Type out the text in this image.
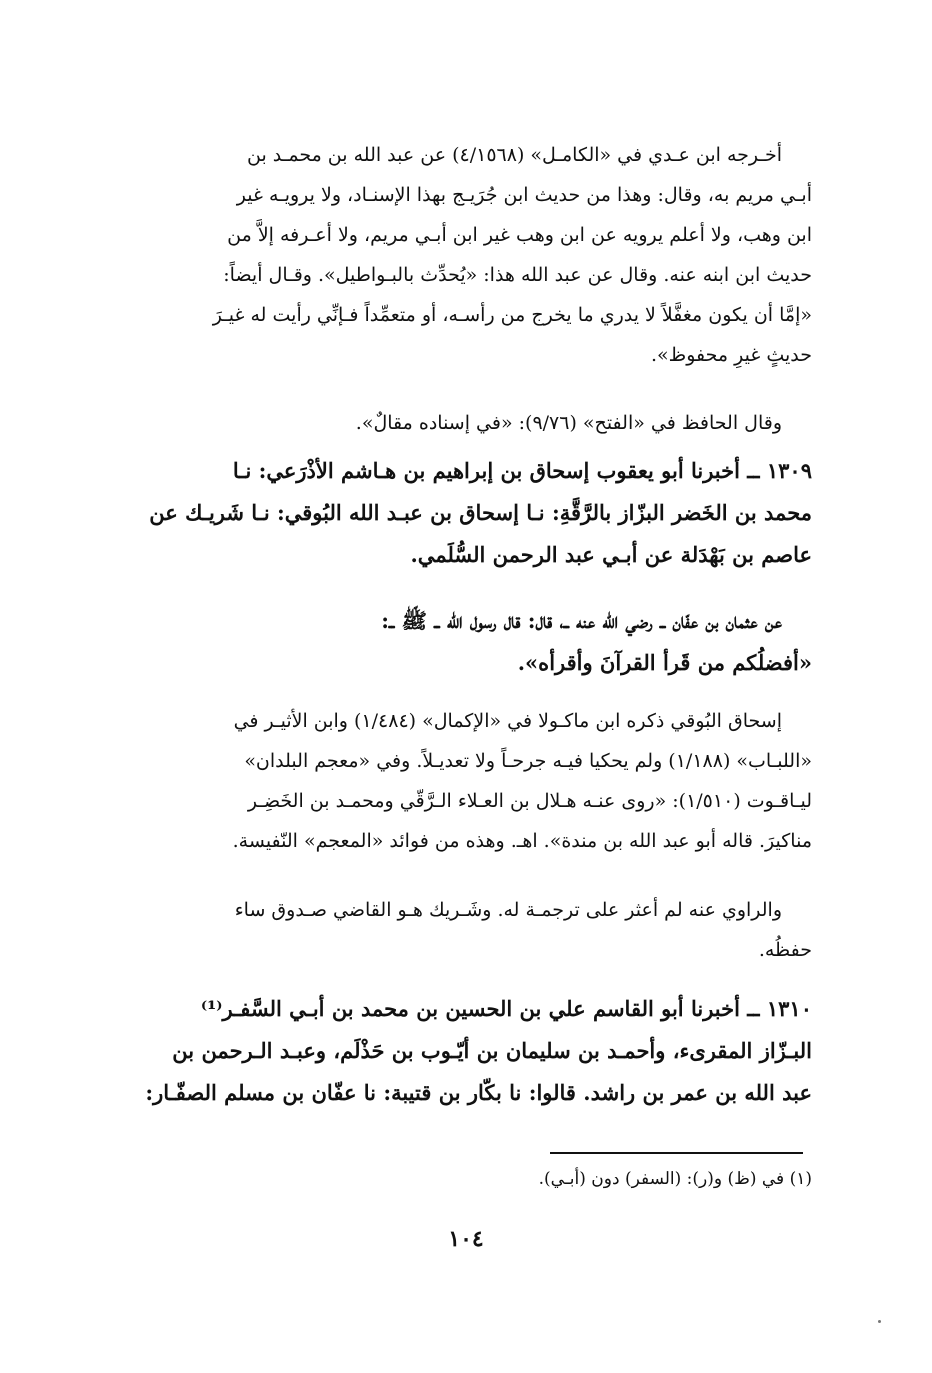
أخـرجه ابن عـدي في «الكامـل» (٤/١٥٦٨) عن عبد الله بن محمـد بن
أبـي مريم به، وقال: وهذا من حديث ابن جُرَيـج بهذا الإسنـاد، ولا يرويـه غير
ابن وهب، ولا أعلم يرويه عن ابن وهب غير ابن أبـي مريم، ولا أعـرفه إلاَّ من
حديث ابن ابنه عنه. وقال عن عبد الله هذا: «يُحدِّث بالبـواطيل». وقـال أيضاً:
«إمَّا أن يكون مغفَّلاً لا يدري ما يخرج من رأسـه، أو متعمِّداً فـإنِّي رأيت له غيـرَ
حديثٍ غيرِ محفوظ».
وقال الحافظ في «الفتح» (٩/٧٦): «في إسناده مقالٌ».
١٣٠٩ ــ أخبرنا أبو يعقوب إسحاق بن إبراهيم بن هـاشم الأذْرَعي: نـا
محمد بن الخَضر البزّاز بالرَّقَّةِ: نـا إسحاق بن عبـد الله البُوقي: نـا شَريـك عن
عاصم بن بَهْدَلة عن أبـي عبد الرحمن السُّلَمي.
عن عثمان بن عفّان ــ رضي الله عنه ــ، قال: قال رسول الله ــ ﷺ ــ:
«أفضلُكم من قَرأ القرآنَ وأقرأه».
إسحاق البُوقي ذكره ابن ماكـولا في «الإكمال» (١/٤٨٤) وابن الأثيـر في
«اللبـاب» (١/١٨٨) ولم يحكيا فيـه جرحـاً ولا تعديـلاً. وفي «معجم البلدان»
ليـاقـوت (١/٥١٠): «روى عنـه هـلال بن العـلاء الـرَّقّي ومحمـد بن الخَضِـر
مناكيرَ. قاله أبو عبد الله بن مندة». اهـ. وهذه من فوائد «المعجم» النّفيسة.
والراوي عنه لم أعثر على ترجمـة له. وشَـريك هـو القاضي صـدوق ساء
حفظُه.
١٣١٠ ــ أخبرنا أبو القاسم علي بن الحسين بن محمد بن أبـي السَّفـر⁽¹⁾
البـزّاز المقرىء، وأحمـد بن سليمان بن أيّـوب بن حَذْلَم، وعبـد الـرحمن بن
عبد الله بن عمر بن راشد. قالوا: نا بكّار بن قتيبة: نا عفّان بن مسلم الصفّـار:
(١) في (ظ) و(ر): (السفر) دون (أبـي).
١٠٤
